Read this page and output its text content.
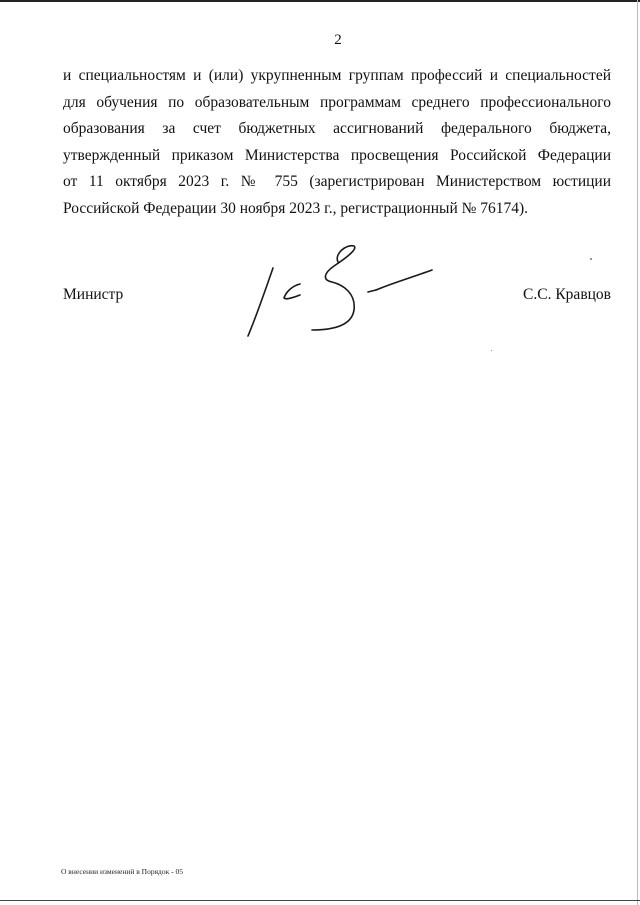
2
и специальностям и (или) укрупненным группам профессий и специальностей
для обучения по образовательным программам среднего профессионального
образования за счет бюджетных ассигнований федерального бюджета,
утвержденный приказом Министерства просвещения Российской Федерации
от 11 октября 2023 г. № 755 (зарегистрирован Министерством юстиции
Российской Федерации 30 ноября 2023 г., регистрационный № 76174).
Министр	С.С. Кравцов
О внесении изменений в Порядок - 05
